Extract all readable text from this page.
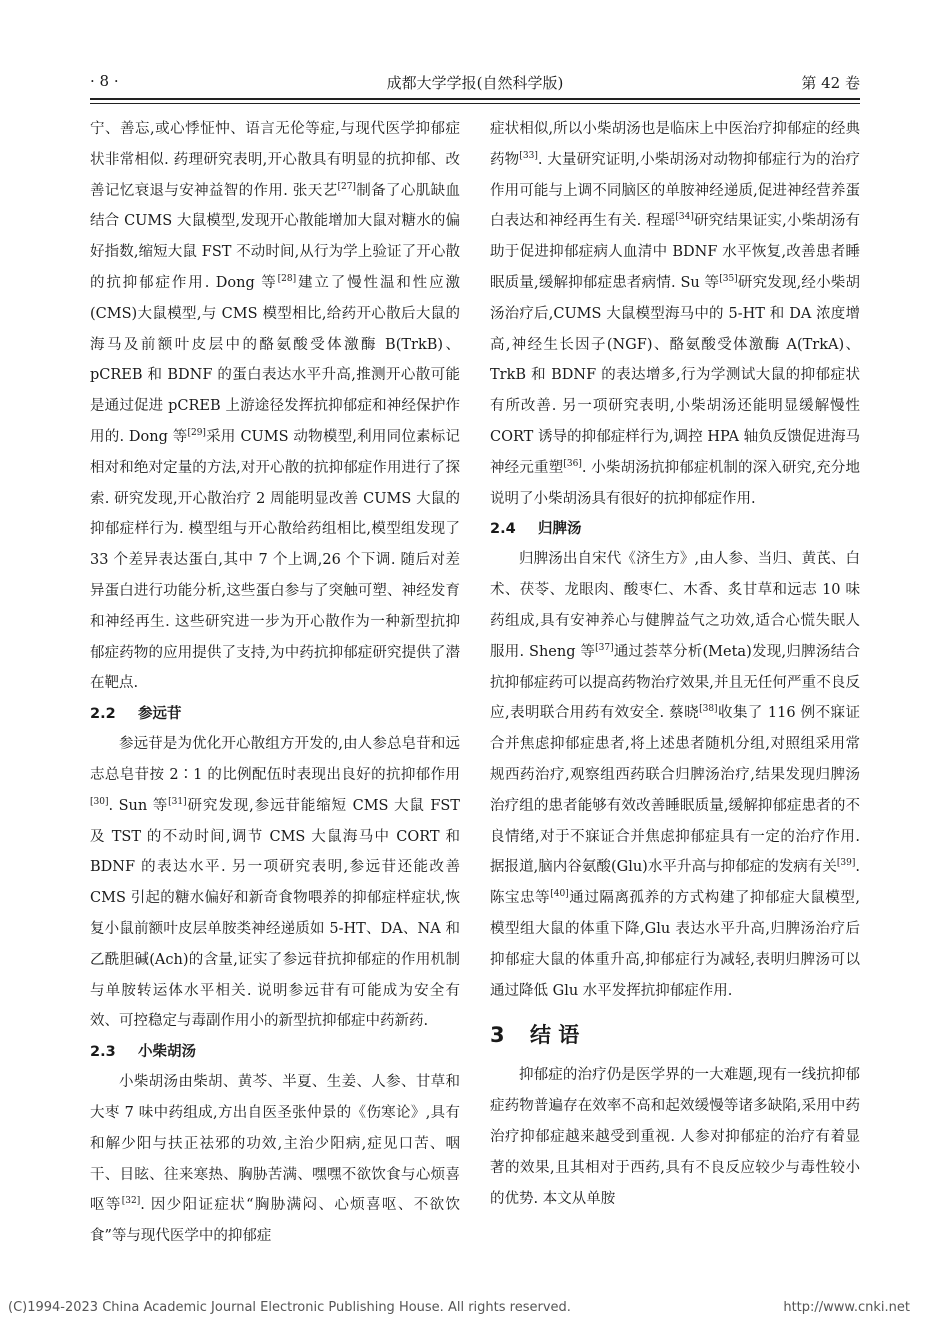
· 8 ·	成都大学学报(自然科学版)	第 42 卷

宁、善忘,或心悸怔忡、语言无伦等症,与现代医学抑郁症状非常相似. 药理研究表明,开心散具有明显的抗抑郁、改善记忆衰退与安神益智的作用. 张天艺[27]制备了心肌缺血结合 CUMS 大鼠模型,发现开心散能增加大鼠对糖水的偏好指数,缩短大鼠 FST 不动时间,从行为学上验证了开心散的抗抑郁症作用. Dong 等[28]建立了慢性温和性应激(CMS)大鼠模型,与 CMS 模型相比,给药开心散后大鼠的海马及前额叶皮层中的酪氨酸受体激酶 B(TrkB)、pCREB 和 BDNF 的蛋白表达水平升高,推测开心散可能是通过促进 pCREB 上游途径发挥抗抑郁症和神经保护作用的. Dong 等[29]采用 CUMS 动物模型,利用同位素标记相对和绝对定量的方法,对开心散的抗抑郁症作用进行了探索. 研究发现,开心散治疗 2 周能明显改善 CUMS 大鼠的抑郁症样行为. 模型组与开心散给药组相比,模型组发现了 33 个差异表达蛋白,其中 7 个上调,26 个下调. 随后对差异蛋白进行功能分析,这些蛋白参与了突触可塑、神经发育和神经再生. 这些研究进一步为开心散作为一种新型抗抑郁症药物的应用提供了支持,为中药抗抑郁症研究提供了潜在靶点.

2.2 参远苷

参远苷是为优化开心散组方开发的,由人参总皂苷和远志总皂苷按 2∶1 的比例配伍时表现出良好的抗抑郁作用[30]. Sun 等[31]研究发现,参远苷能缩短 CMS 大鼠 FST 及 TST 的不动时间,调节 CMS 大鼠海马中 CORT 和 BDNF 的表达水平. 另一项研究表明,参远苷还能改善 CMS 引起的糖水偏好和新奇食物喂养的抑郁症样症状,恢复小鼠前额叶皮层单胺类神经递质如 5-HT、DA、NA 和乙酰胆碱(Ach)的含量,证实了参远苷抗抑郁症的作用机制与单胺转运体水平相关. 说明参远苷有可能成为安全有效、可控稳定与毒副作用小的新型抗抑郁症中药新药.

2.3 小柴胡汤

小柴胡汤由柴胡、黄芩、半夏、生姜、人参、甘草和大枣 7 味中药组成,方出自医圣张仲景的《伤寒论》,具有和解少阳与扶正祛邪的功效,主治少阳病,症见口苦、咽干、目眩、往来寒热、胸胁苦满、嘿嘿不欲饮食与心烦喜呕等[32]. 因少阳证症状“胸胁满闷、心烦喜呕、不欲饮食”等与现代医学中的抑郁症

症状相似,所以小柴胡汤也是临床上中医治疗抑郁症的经典药物[33]. 大量研究证明,小柴胡汤对动物抑郁症行为的治疗作用可能与上调不同脑区的单胺神经递质,促进神经营养蛋白表达和神经再生有关. 程瑶[34]研究结果证实,小柴胡汤有助于促进抑郁症病人血清中 BDNF 水平恢复,改善患者睡眠质量,缓解抑郁症患者病情. Su 等[35]研究发现,经小柴胡汤治疗后,CUMS 大鼠模型海马中的 5-HT 和 DA 浓度增高,神经生长因子(NGF)、酪氨酸受体激酶 A(TrkA)、TrkB 和 BDNF 的表达增多,行为学测试大鼠的抑郁症状有所改善. 另一项研究表明,小柴胡汤还能明显缓解慢性 CORT 诱导的抑郁症样行为,调控 HPA 轴负反馈促进海马神经元重塑[36]. 小柴胡汤抗抑郁症机制的深入研究,充分地说明了小柴胡汤具有很好的抗抑郁症作用.

2.4 归脾汤

归脾汤出自宋代《济生方》,由人参、当归、黄芪、白术、茯苓、龙眼肉、酸枣仁、木香、炙甘草和远志 10 味药组成,具有安神养心与健脾益气之功效,适合心慌失眠人服用. Sheng 等[37]通过荟萃分析(Meta)发现,归脾汤结合抗抑郁症药可以提高药物治疗效果,并且无任何严重不良反应,表明联合用药有效安全. 蔡晓[38]收集了 116 例不寐证合并焦虑抑郁症患者,将上述患者随机分组,对照组采用常规西药治疗,观察组西药联合归脾汤治疗,结果发现归脾汤治疗组的患者能够有效改善睡眠质量,缓解抑郁症患者的不良情绪,对于不寐证合并焦虑抑郁症具有一定的治疗作用. 据报道,脑内谷氨酸(Glu)水平升高与抑郁症的发病有关[39]. 陈宝忠等[40]通过隔离孤养的方式构建了抑郁症大鼠模型,模型组大鼠的体重下降,Glu 表达水平升高,归脾汤治疗后抑郁症大鼠的体重升高,抑郁症行为减轻,表明归脾汤可以通过降低 Glu 水平发挥抗抑郁症作用.

3 结 语

抑郁症的治疗仍是医学界的一大难题,现有一线抗抑郁症药物普遍存在效率不高和起效缓慢等诸多缺陷,采用中药治疗抑郁症越来越受到重视. 人参对抑郁症的治疗有着显著的效果,且其相对于西药,具有不良反应较少与毒性较小的优势. 本文从单胺

(C)1994-2023 China Academic Journal Electronic Publishing House. All rights reserved.	http://www.cnki.net
